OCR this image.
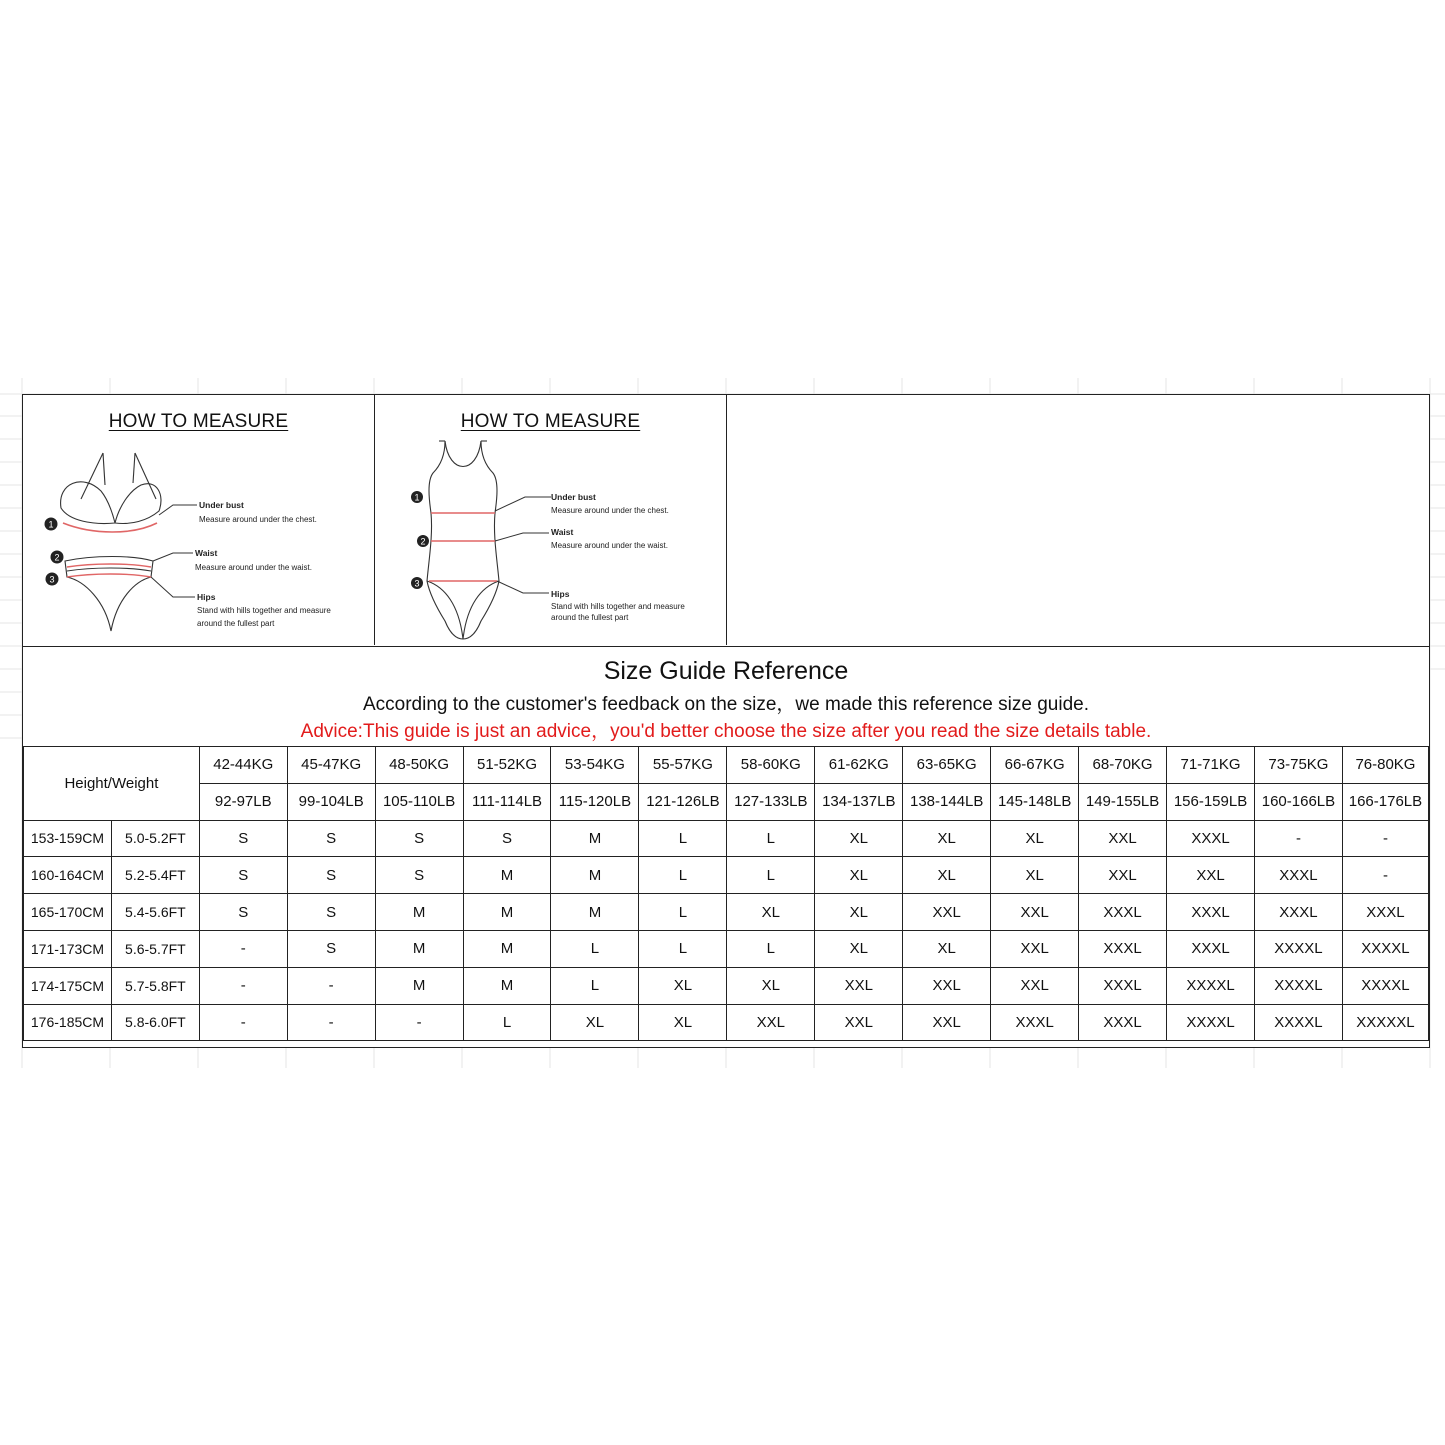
HOW TO MEASURE
1
2
3
Under bust
Measure around under the chest.
Waist
Measure around under the waist.
Hips
Stand with hills together and measure
around the fullest part
HOW TO MEASURE
1
2
3
Under bust
Measure around under the chest.
Waist
Measure around under the waist.
Hips
Stand with hills together and measure
around the fullest part
Size Guide Reference
According to the customer's feedback on the size，we made this reference size guide.
Advice:This guide is just an advice，you'd better choose the size after you read the size details table.
Height/Weight		42-44KG	45-47KG	48-50KG	51-52KG	53-54KG	55-57KG	58-60KG	61-62KG	63-65KG	66-67KG	68-70KG	71-71KG	73-75KG	76-80KG
		92-97LB	99-104LB	105-110LB	111-114LB	115-120LB	121-126LB	127-133LB	134-137LB	138-144LB	145-148LB	149-155LB	156-159LB	160-166LB	166-176LB
153-159CM	5.0-5.2FT	S	S	S	S	M	L	L	XL	XL	XL	XXL	XXXL	-	-
160-164CM	5.2-5.4FT	S	S	S	M	M	L	L	XL	XL	XL	XXL	XXL	XXXL	-
165-170CM	5.4-5.6FT	S	S	M	M	M	L	XL	XL	XXL	XXL	XXXL	XXXL	XXXL	XXXL
171-173CM	5.6-5.7FT	-	S	M	M	L	L	L	XL	XL	XXL	XXXL	XXXL	XXXXL	XXXXL
174-175CM	5.7-5.8FT	-	-	M	M	L	XL	XL	XXL	XXL	XXL	XXXL	XXXXL	XXXXL	XXXXL
176-185CM	5.8-6.0FT	-	-	-	L	XL	XL	XXL	XXL	XXL	XXXL	XXXL	XXXXL	XXXXL	XXXXXL
